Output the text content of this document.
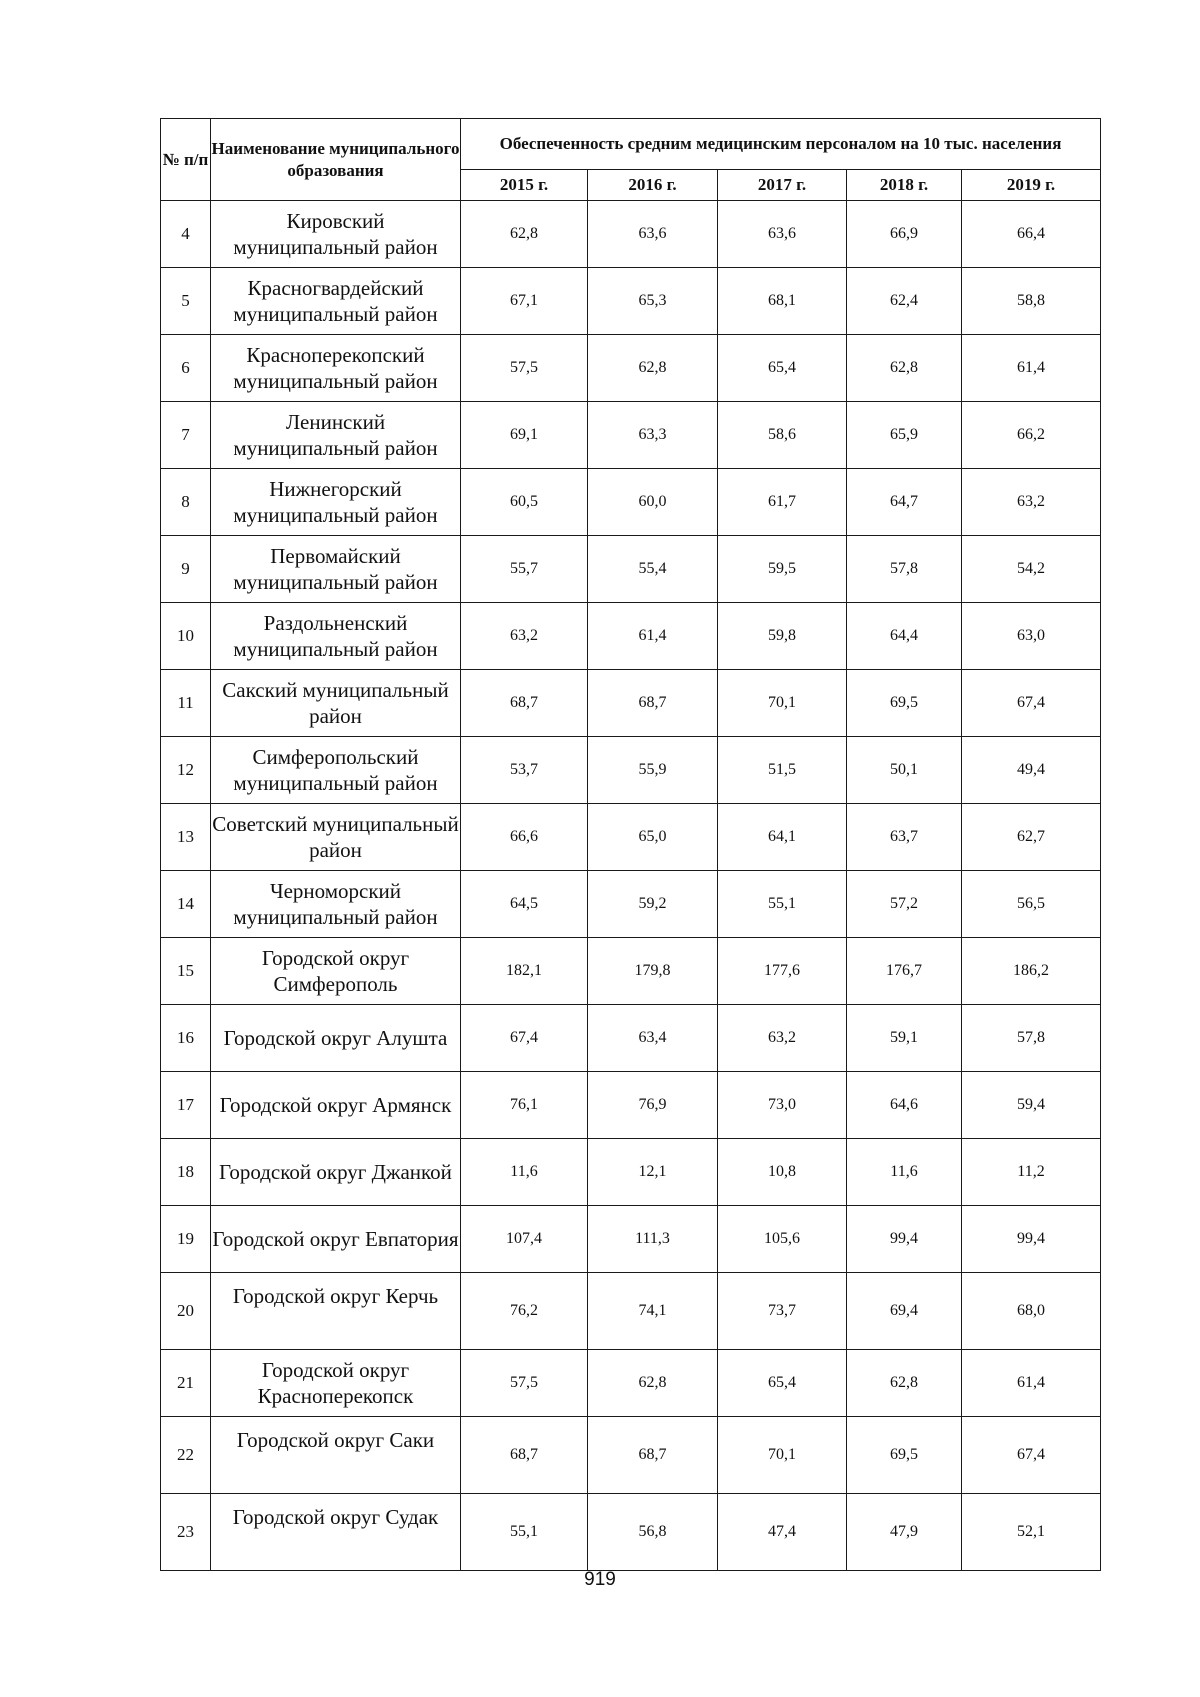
№ п/п	Наименование муниципального образования	Обеспеченность средним медицинским персоналом на 10 тыс. населения				
		2015 г.	2016 г.	2017 г.	2018 г.	2019 г.
4	Кировский муниципальный район	62,8	63,6	63,6	66,9	66,4
5	Красногвардейский муниципальный район	67,1	65,3	68,1	62,4	58,8
6	Красноперекопский муниципальный район	57,5	62,8	65,4	62,8	61,4
7	Ленинский муниципальный район	69,1	63,3	58,6	65,9	66,2
8	Нижнегорский муниципальный район	60,5	60,0	61,7	64,7	63,2
9	Первомайский муниципальный район	55,7	55,4	59,5	57,8	54,2
10	Раздольненский муниципальный район	63,2	61,4	59,8	64,4	63,0
11	Сакский муниципальный район	68,7	68,7	70,1	69,5	67,4
12	Симферопольский муниципальный район	53,7	55,9	51,5	50,1	49,4
13	Советский муниципальный район	66,6	65,0	64,1	63,7	62,7
14	Черноморский муниципальный район	64,5	59,2	55,1	57,2	56,5
15	Городской округ Симферополь	182,1	179,8	177,6	176,7	186,2
16	Городской округ Алушта	67,4	63,4	63,2	59,1	57,8
17	Городской округ Армянск	76,1	76,9	73,0	64,6	59,4
18	Городской округ Джанкой	11,6	12,1	10,8	11,6	11,2
19	Городской округ Евпатория	107,4	111,3	105,6	99,4	99,4
20	Городской округ Керчь	76,2	74,1	73,7	69,4	68,0
21	Городской округ Красноперекопск	57,5	62,8	65,4	62,8	61,4
22	Городской округ Саки	68,7	68,7	70,1	69,5	67,4
23	Городской округ Судак	55,1	56,8	47,4	47,9	52,1
919
